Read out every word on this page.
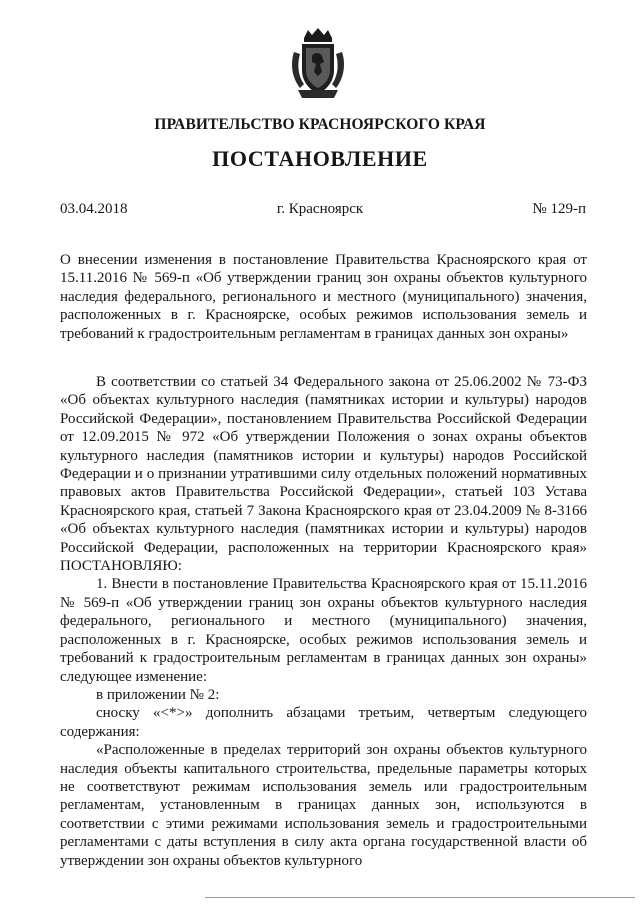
ПРАВИТЕЛЬСТВО КРАСНОЯРСКОГО КРАЯ
ПОСТАНОВЛЕНИЕ
г. Красноярск
03.04.2018	№ 129-п

О внесении изменения в постановление Правительства Красноярского края от 15.11.2016 № 569-п «Об утверждении границ зон охраны объектов культурного наследия федерального, регионального и местного (муниципального) значения, расположенных в г. Красноярске, особых режимов использования земель и требований к градостроительным регламентам в границах данных зон охраны»

В соответствии со статьей 34 Федерального закона от 25.06.2002 № 73-ФЗ «Об объектах культурного наследия (памятниках истории и культуры) народов Российской Федерации», постановлением Правительства Российской Федерации от 12.09.2015 № 972 «Об утверждении Положения о зонах охраны объектов культурного наследия (памятников истории и культуры) народов Российской Федерации и о признании утратившими силу отдельных положений нормативных правовых актов Правительства Российской Федерации», статьей 103 Устава Красноярского края, статьей 7 Закона Красноярского края от 23.04.2009 № 8-3166 «Об объектах культурного наследия (памятниках истории и культуры) народов Российской Федерации, расположенных на территории Красноярского края» ПОСТАНОВЛЯЮ:

1. Внести в постановление Правительства Красноярского края от 15.11.2016 № 569-п «Об утверждении границ зон охраны объектов культурного наследия федерального, регионального и местного (муниципального) значения, расположенных в г. Красноярске, особых режимов использования земель и требований к градостроительным регламентам в границах данных зон охраны» следующее изменение:

в приложении № 2:

сноску «<*>» дополнить абзацами третьим, четвертым следующего содержания:

«Расположенные в пределах территорий зон охраны объектов культурного наследия объекты капитального строительства, предельные параметры которых не соответствуют режимам использования земель или градостроительным регламентам, установленным в границах данных зон, используются в соответствии с этими режимами использования земель и градостроительными регламентами с даты вступления в силу акта органа государственной власти об утверждении зон охраны объектов культурного
